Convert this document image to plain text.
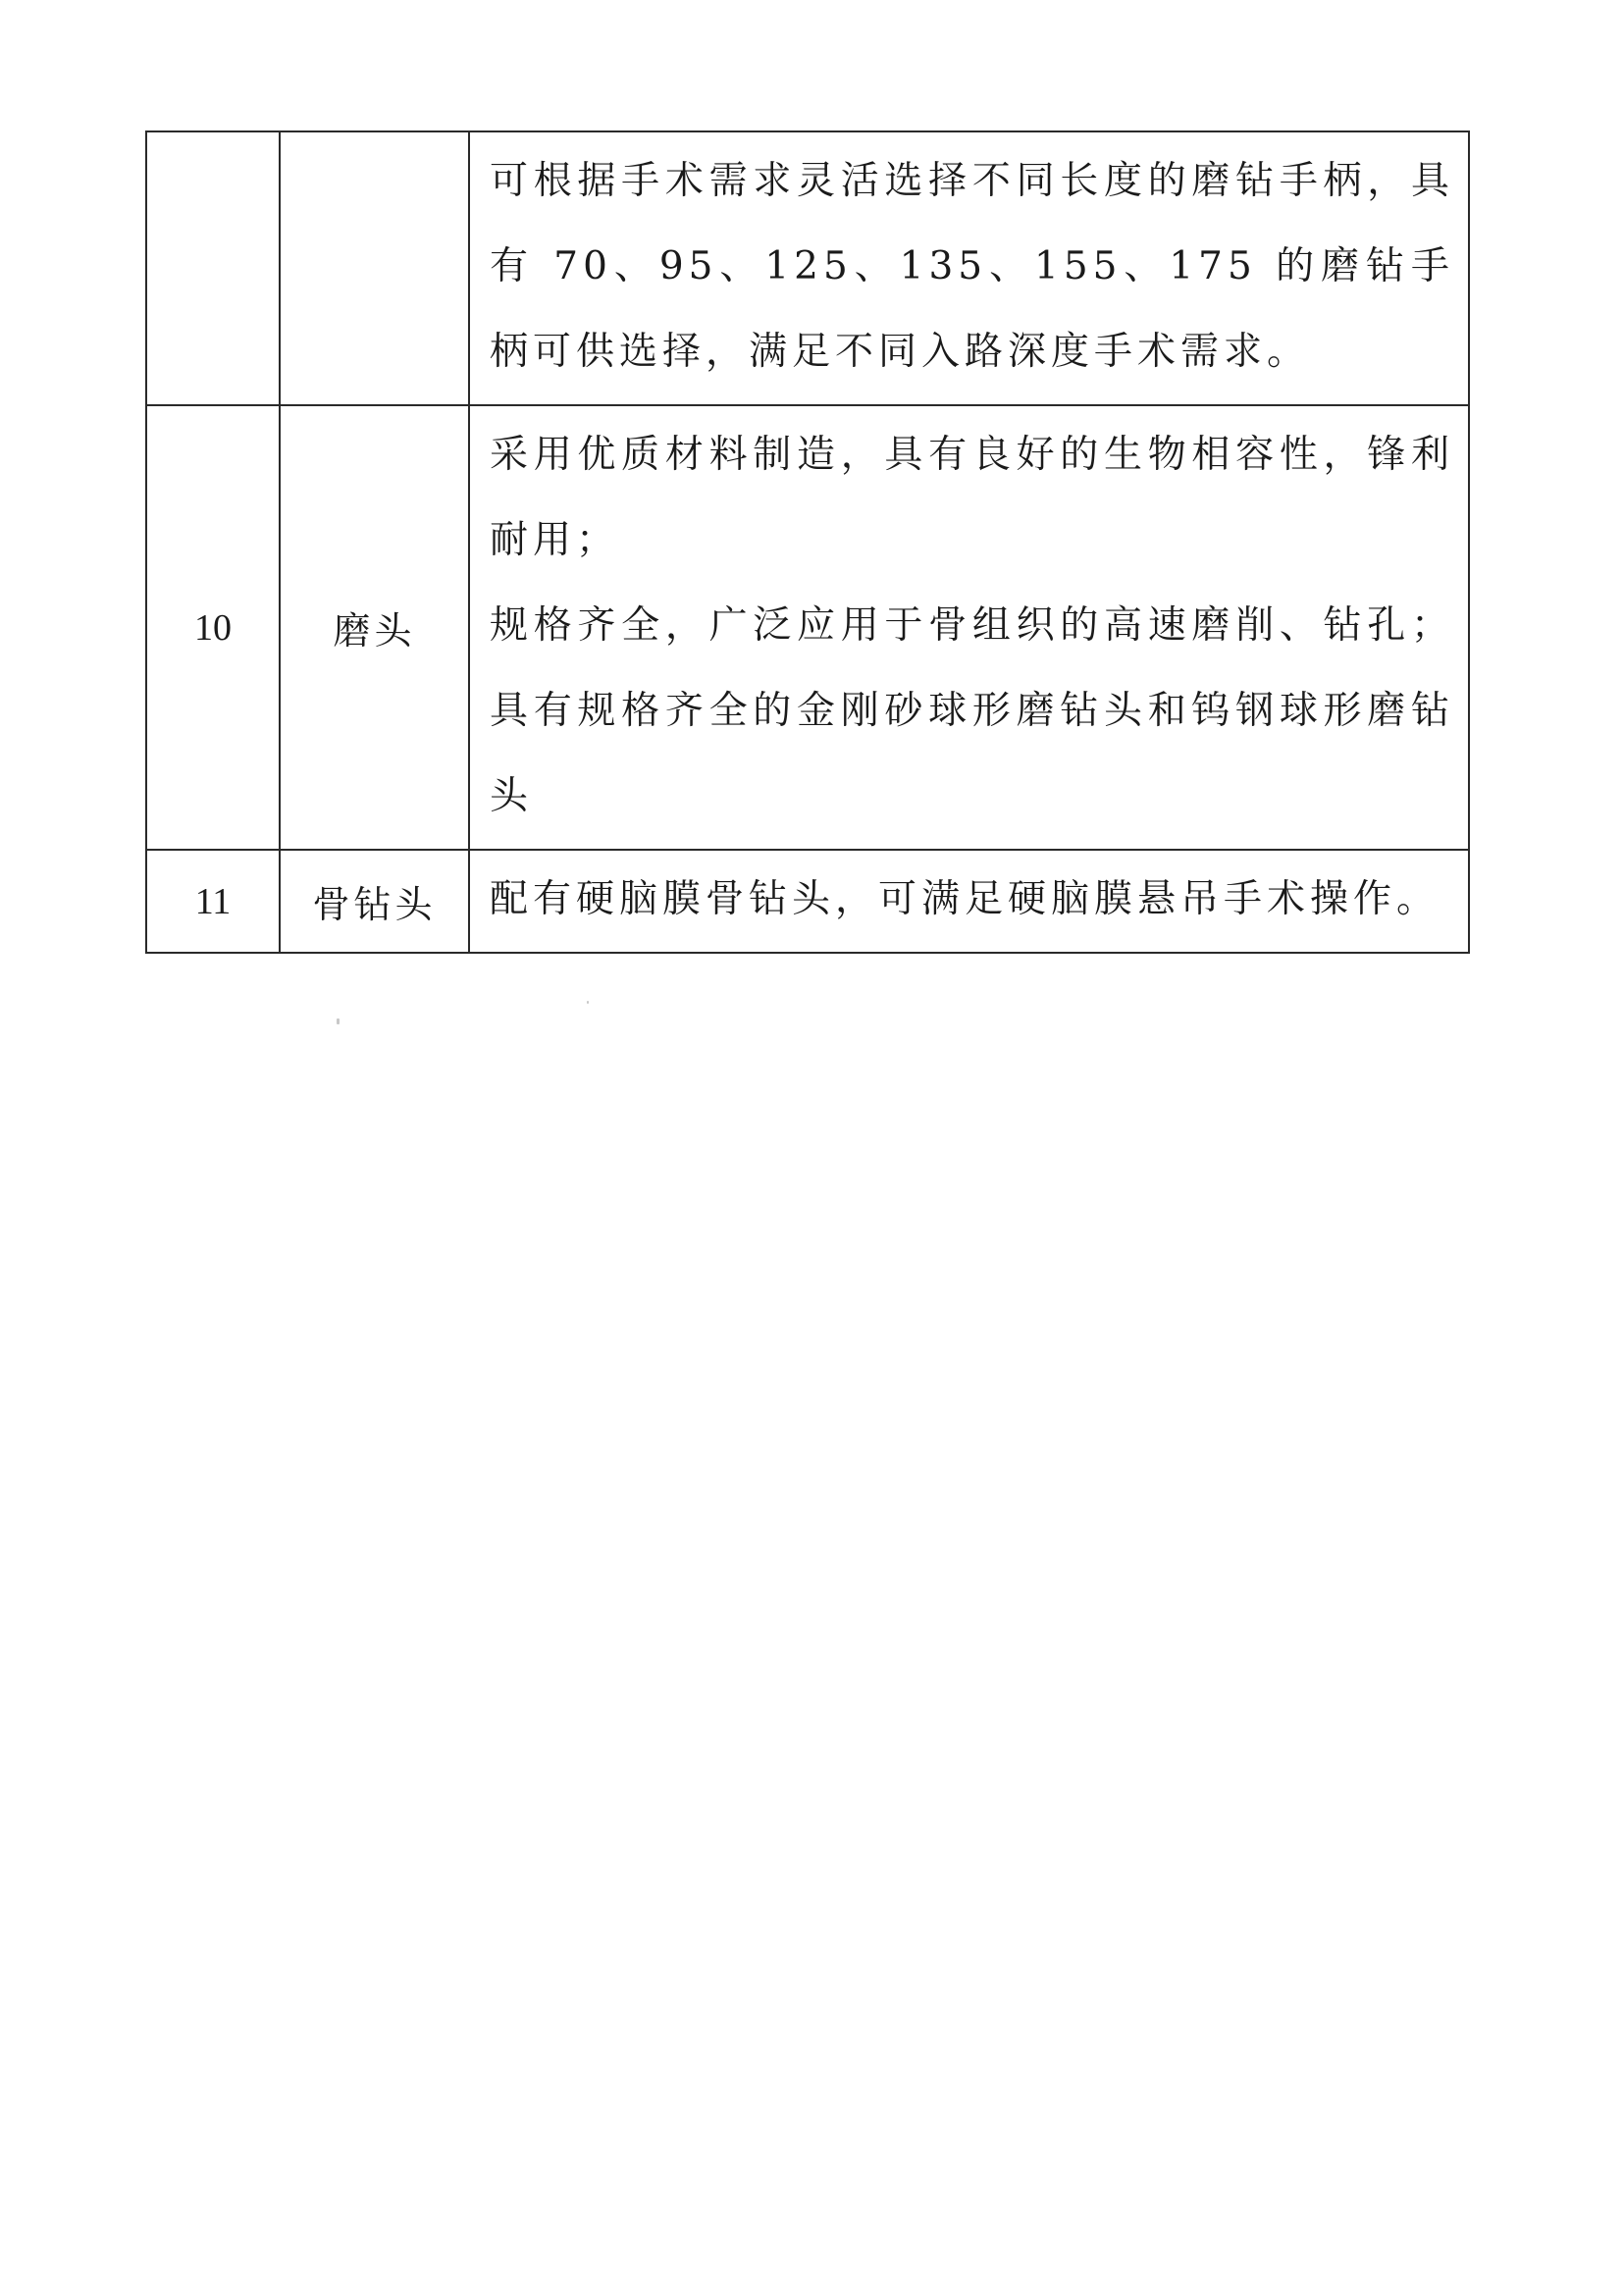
		可根据手术需求灵活选择不同长度的磨钻手柄，具有 70、95、125、135、155、175 的磨钻手柄可供选择，满足不同入路深度手术需求。

10	磨头	采用优质材料制造，具有良好的生物相容性，锋利耐用；
规格齐全，广泛应用于骨组织的高速磨削、钻孔；具有规格齐全的金刚砂球形磨钻头和钨钢球形磨钻头

11	骨钻头	配有硬脑膜骨钻头，可满足硬脑膜悬吊手术操作。
